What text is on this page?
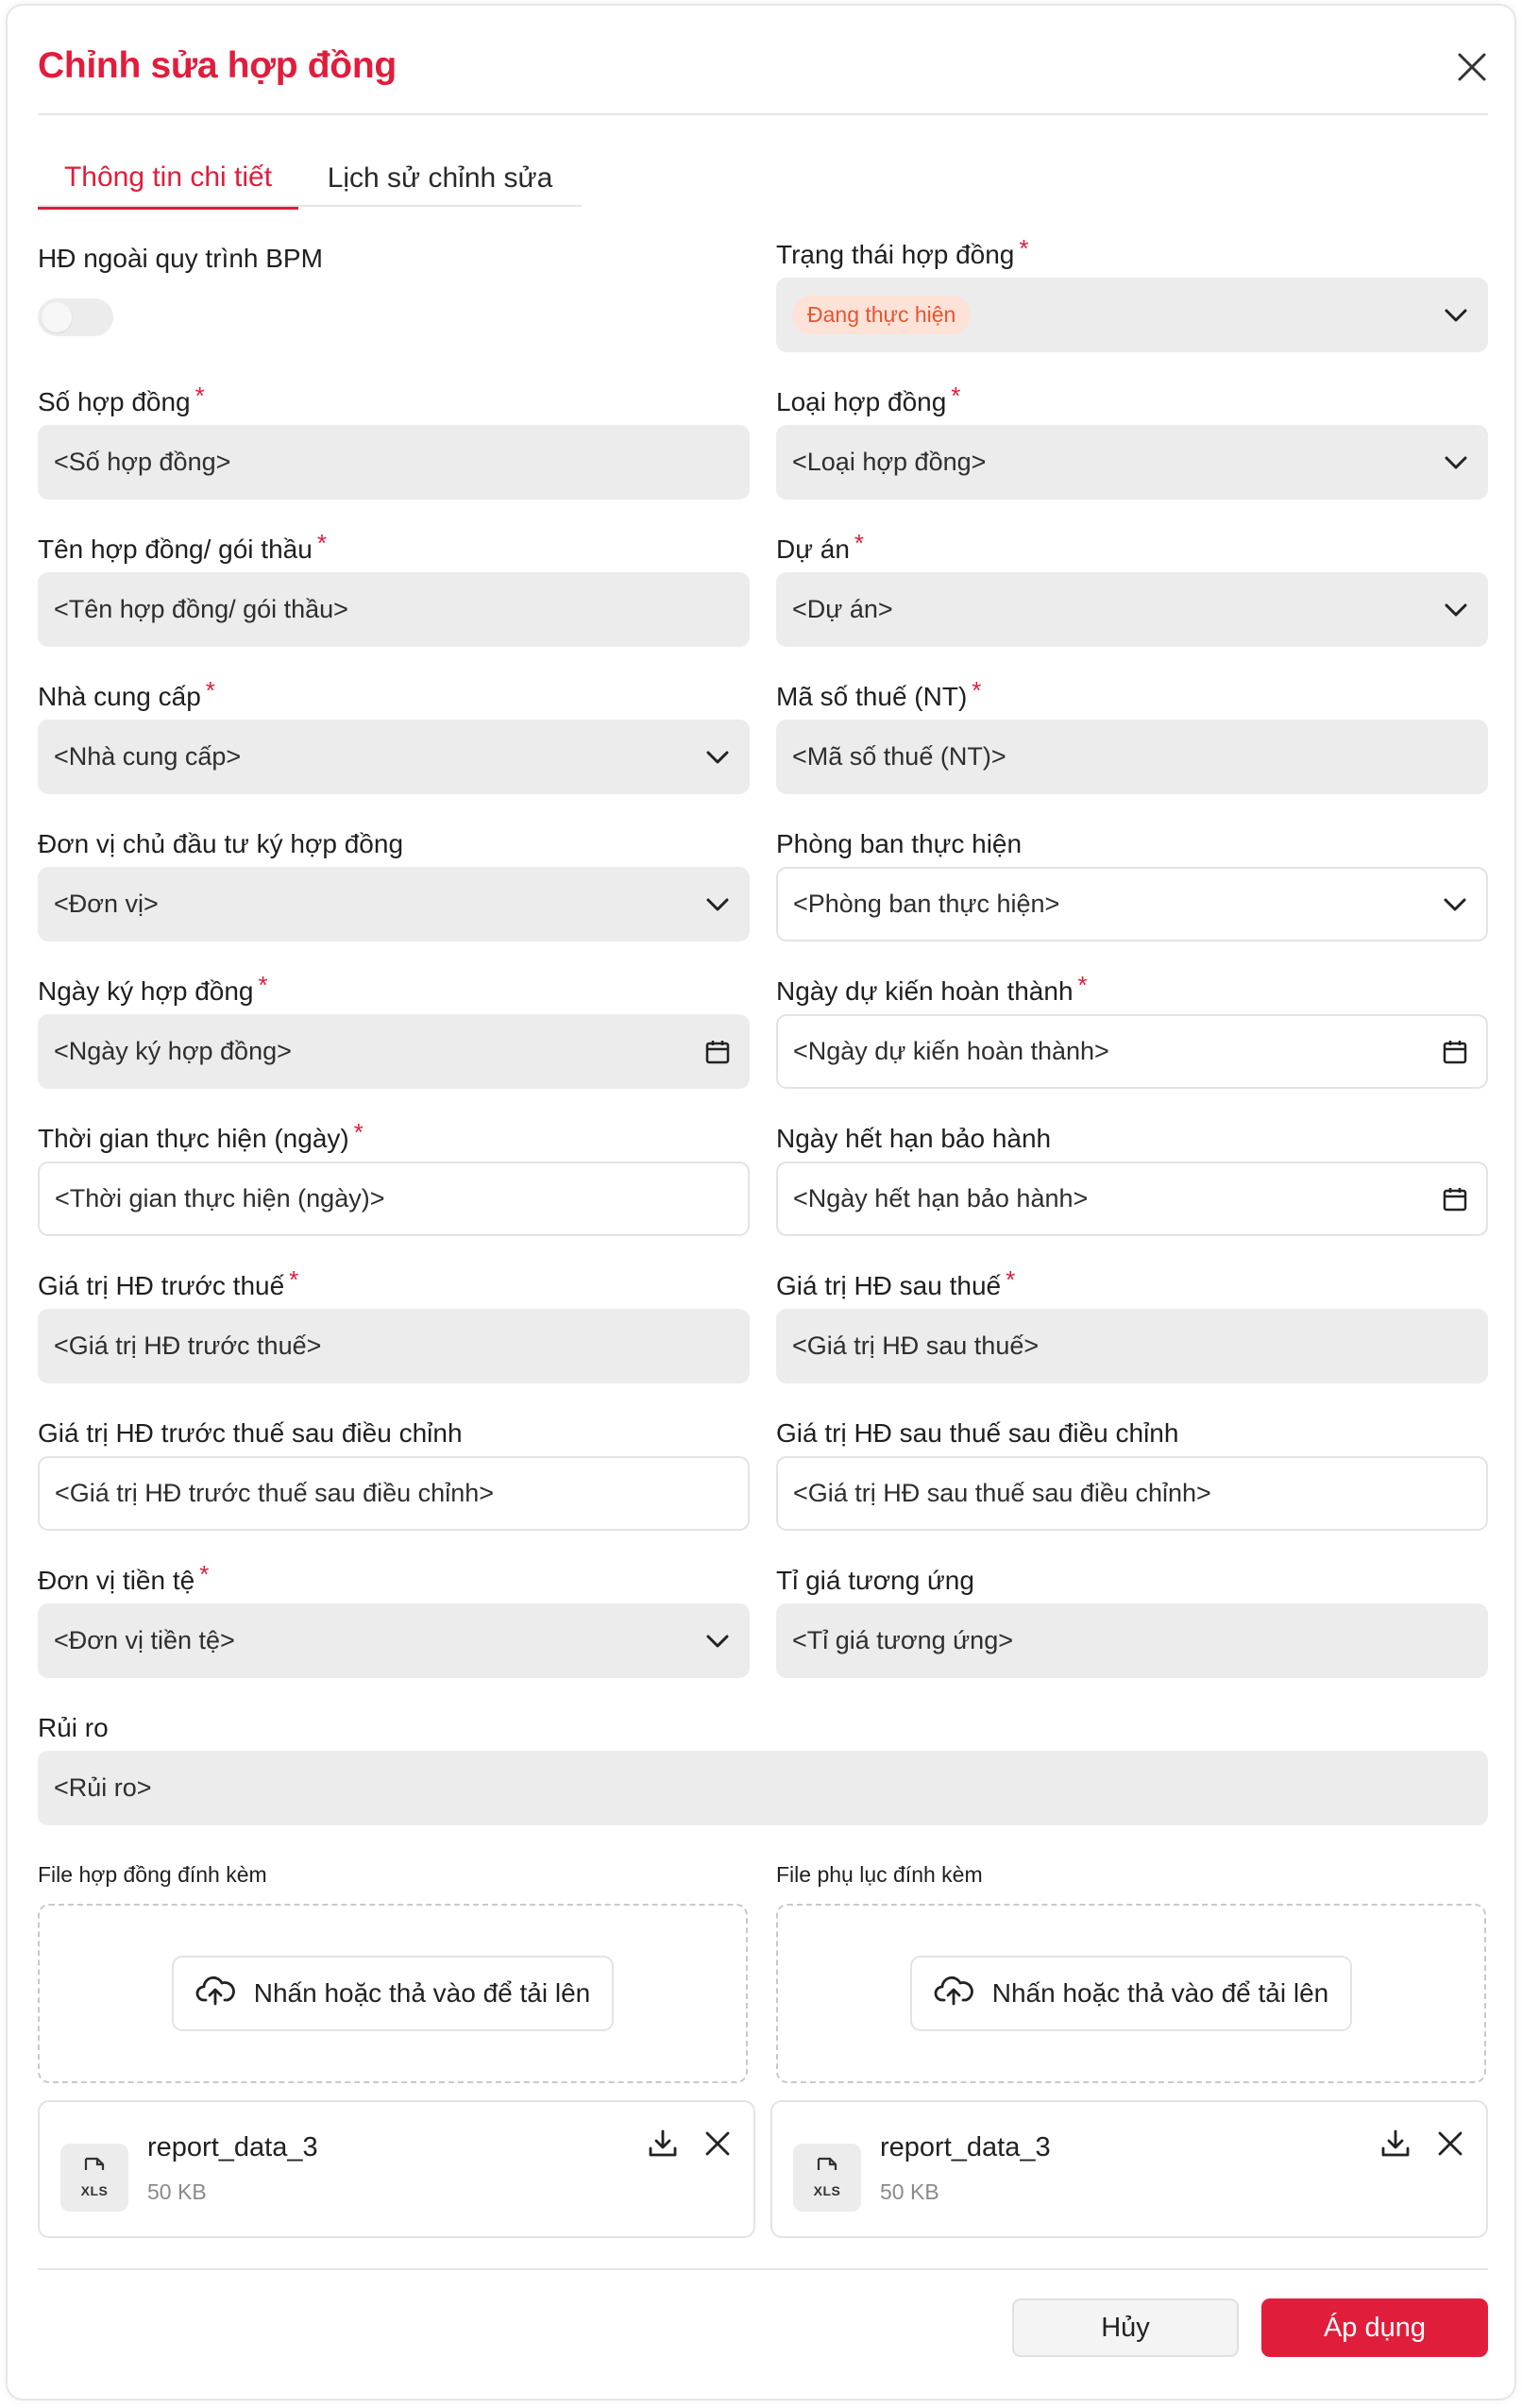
Chỉnh sửa hợp đồng
Thông tin chi tiết	Lịch sử chỉnh sửa
HĐ ngoài quy trình BPM	Trạng thái hợp đồng *
Đang thực hiện
Số hợp đồng *
<Số hợp đồng>
Loại hợp đồng *
<Loại hợp đồng>
Tên hợp đồng/ gói thầu *
<Tên hợp đồng/ gói thầu>
Dự án *
<Dự án>
Nhà cung cấp *
<Nhà cung cấp>
Mã số thuế (NT) *
<Mã số thuế (NT)>
Đơn vị chủ đầu tư ký hợp đồng
<Đơn vị>
Phòng ban thực hiện
<Phòng ban thực hiện>
Ngày ký hợp đồng *
<Ngày ký hợp đồng>
Ngày dự kiến hoàn thành *
<Ngày dự kiến hoàn thành>
Thời gian thực hiện (ngày) *
<Thời gian thực hiện (ngày)>
Ngày hết hạn bảo hành
<Ngày hết hạn bảo hành>
Giá trị HĐ trước thuế *
<Giá trị HĐ trước thuế>
Giá trị HĐ sau thuế *
<Giá trị HĐ sau thuế>
Giá trị HĐ trước thuế sau điều chỉnh
<Giá trị HĐ trước thuế sau điều chỉnh>
Giá trị HĐ sau thuế sau điều chỉnh
<Giá trị HĐ sau thuế sau điều chỉnh>
Đơn vị tiền tệ *
<Đơn vị tiền tệ>
Tỉ giá tương ứng
<Tỉ giá tương ứng>
Rủi ro
<Rủi ro>
File hợp đồng đính kèm	File phụ lục đính kèm
Nhấn hoặc thả vào để tải lên	Nhấn hoặc thả vào để tải lên
XLS
report_data_3
50 KB	XLS
report_data_3
50 KB
Hủy	Áp dụng
